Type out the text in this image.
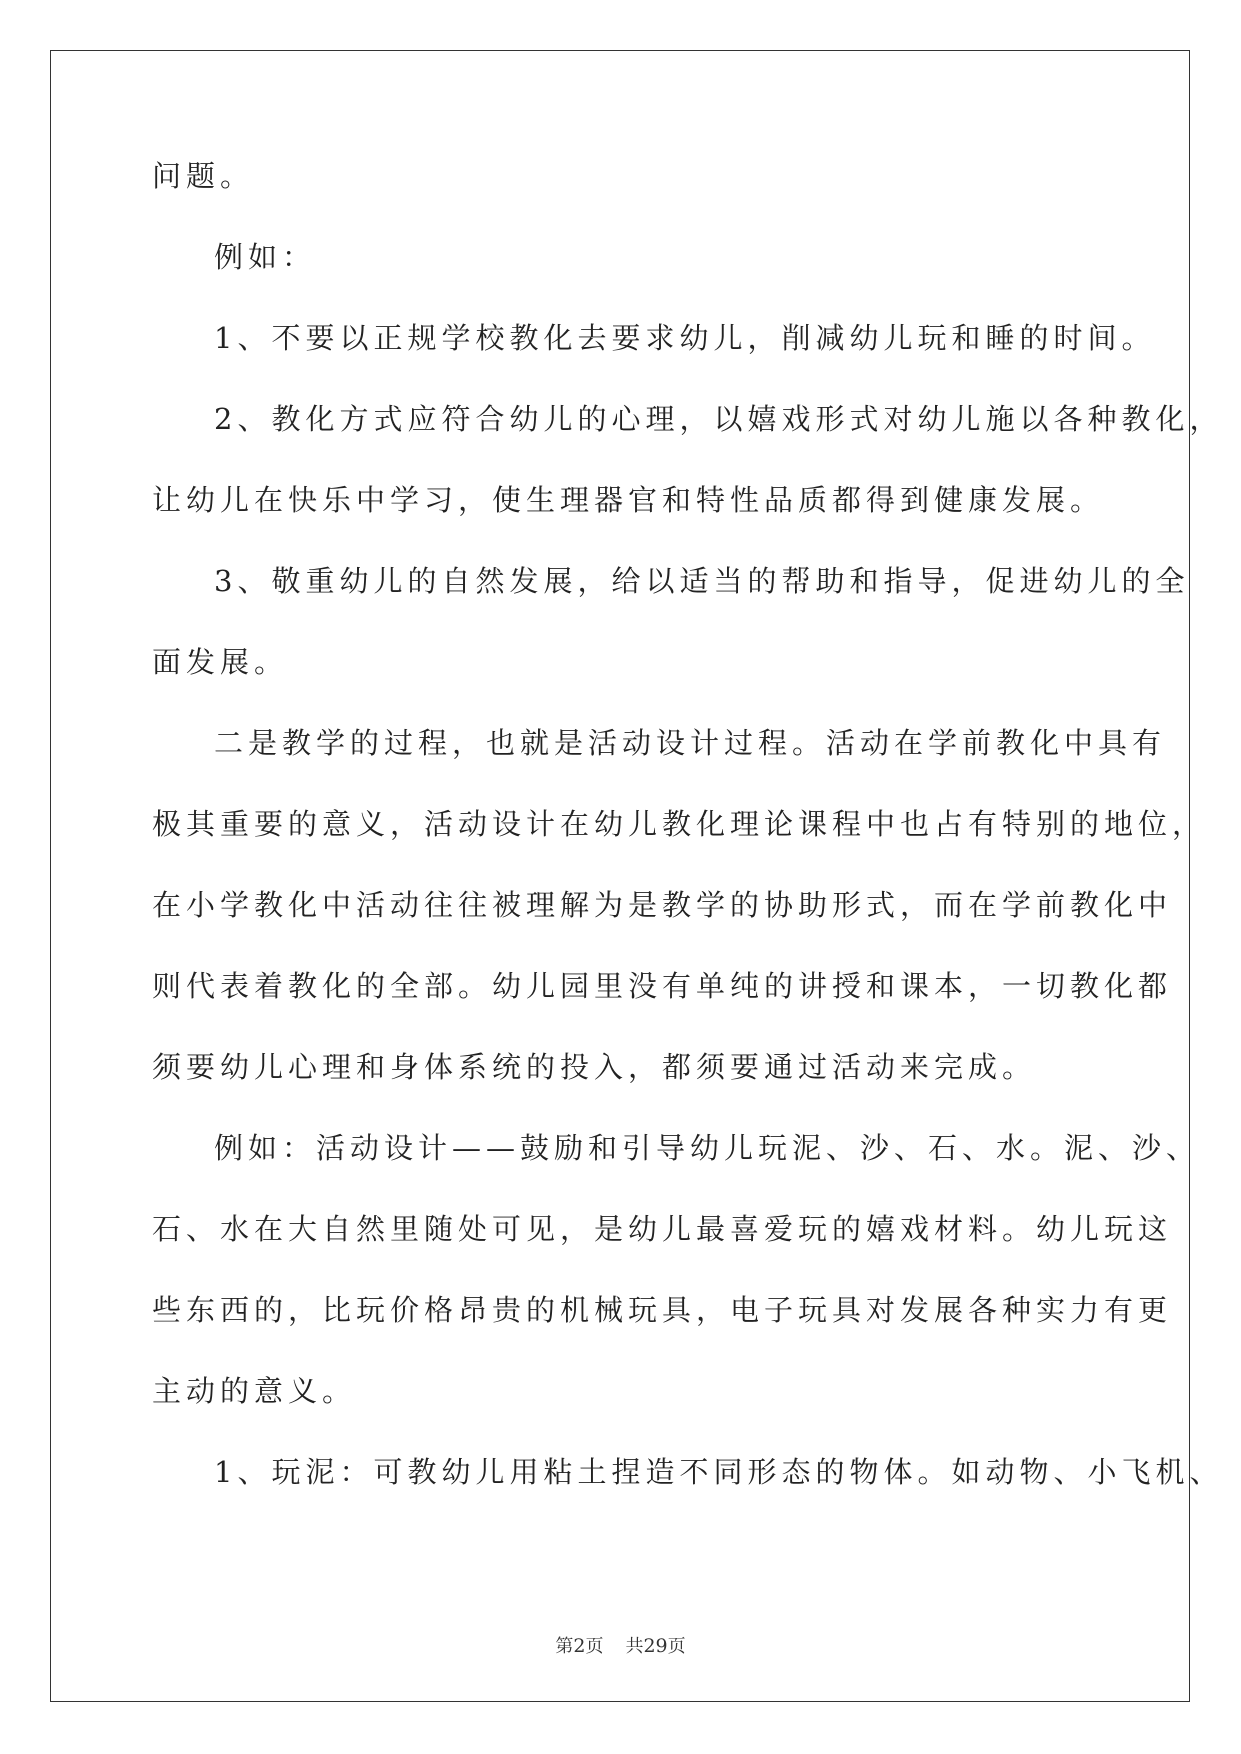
问题。
例如：
1、不要以正规学校教化去要求幼儿，削减幼儿玩和睡的时间。
2、教化方式应符合幼儿的心理，以嬉戏形式对幼儿施以各种教化，
让幼儿在快乐中学习，使生理器官和特性品质都得到健康发展。
3、敬重幼儿的自然发展，给以适当的帮助和指导，促进幼儿的全
面发展。
二是教学的过程，也就是活动设计过程。活动在学前教化中具有
极其重要的意义，活动设计在幼儿教化理论课程中也占有特别的地位，
在小学教化中活动往往被理解为是教学的协助形式，而在学前教化中
则代表着教化的全部。幼儿园里没有单纯的讲授和课本，一切教化都
须要幼儿心理和身体系统的投入，都须要通过活动来完成。
例如：活动设计——鼓励和引导幼儿玩泥、沙、石、水。泥、沙、
石、水在大自然里随处可见，是幼儿最喜爱玩的嬉戏材料。幼儿玩这
些东西的，比玩价格昂贵的机械玩具，电子玩具对发展各种实力有更
主动的意义。
1、玩泥：可教幼儿用粘土捏造不同形态的物体。如动物、小飞机、
第2页 共29页
